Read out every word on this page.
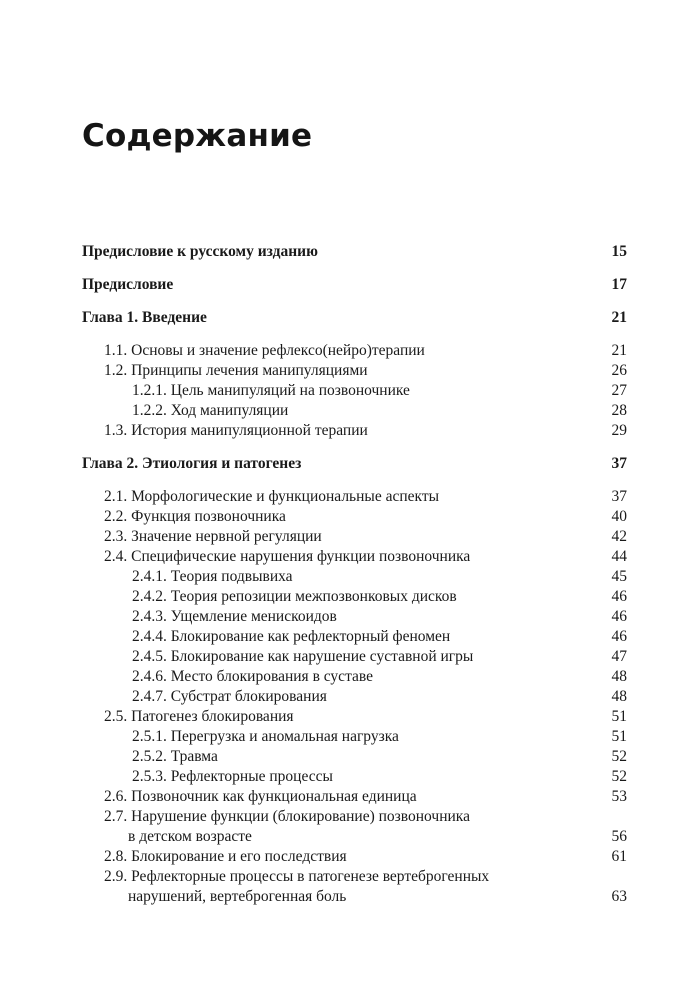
Содержание
Предисловие к русскому изданию	15
Предисловие	17
Глава 1. Введение	21
1.1. Основы и значение рефлексо(нейро)терапии	21
1.2. Принципы лечения манипуляциями	26
1.2.1. Цель манипуляций на позвоночнике	27
1.2.2. Ход манипуляции	28
1.3. История манипуляционной терапии	29
Глава 2. Этиология и патогенез	37
2.1. Морфологические и функциональные аспекты	37
2.2. Функция позвоночника	40
2.3. Значение нервной регуляции	42
2.4. Специфические нарушения функции позвоночника	44
2.4.1. Теория подвывиха	45
2.4.2. Теория репозиции межпозвонковых дисков	46
2.4.3. Ущемление менискоидов	46
2.4.4. Блокирование как рефлекторный феномен	46
2.4.5. Блокирование как нарушение суставной игры	47
2.4.6. Место блокирования в суставе	48
2.4.7. Субстрат блокирования	48
2.5. Патогенез блокирования	51
2.5.1. Перегрузка и аномальная нагрузка	51
2.5.2. Травма	52
2.5.3. Рефлекторные процессы	52
2.6. Позвоночник как функциональная единица	53
2.7. Нарушение функции (блокирование) позвоночника
в детском возрасте	56
2.8. Блокирование и его последствия	61
2.9. Рефлекторные процессы в патогенезе вертеброгенных
нарушений, вертеброгенная боль	63
